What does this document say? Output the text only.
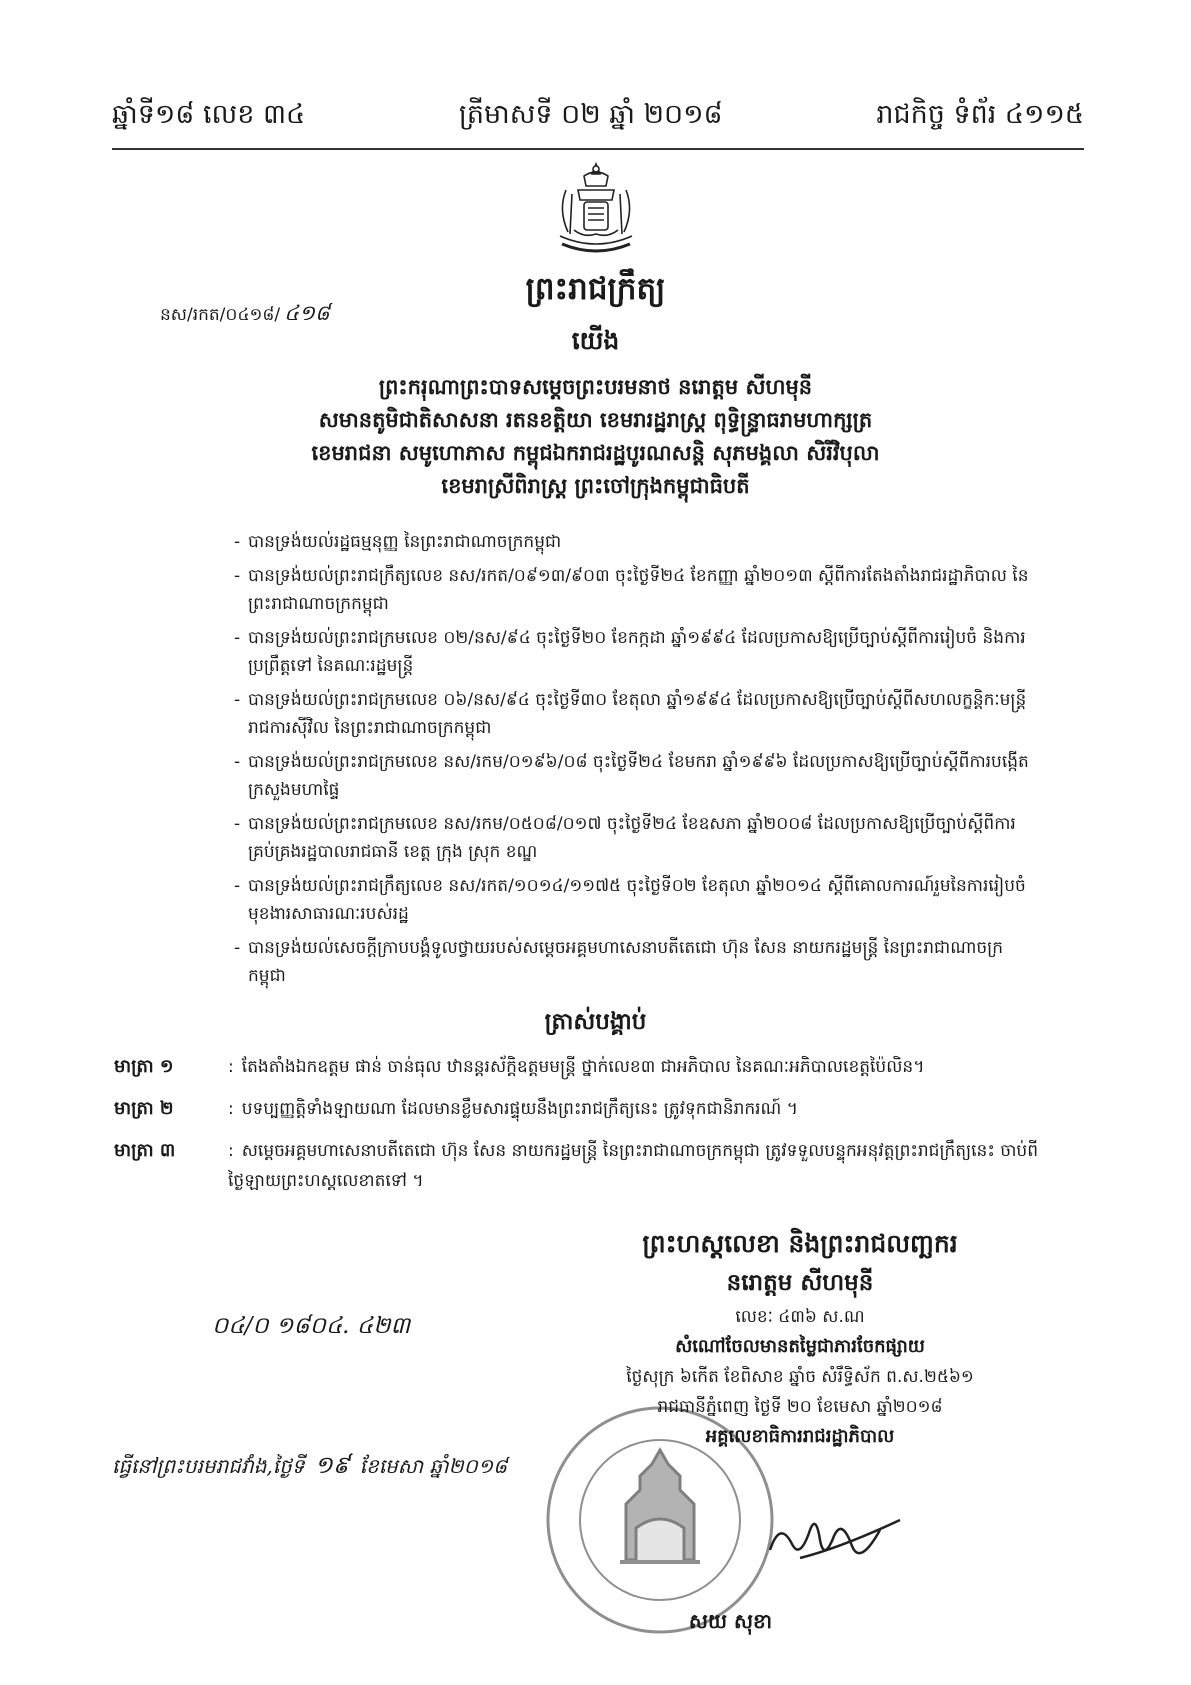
ឆ្នាំទី១៨ លេខ ៣៤	ត្រីមាសទី ០២ ឆ្នាំ ២០១៨	រាជកិច្ច ទំព័រ ៤១១៥
ព្រះរាជក្រឹត្យ
នស/រកត/០៤១៨/ ៤១៨
យើង
ព្រះករុណាព្រះបាទសម្តេចព្រះបរមនាថ នរោត្តម សីហមុនី
សមានតូមិជាតិសាសនា រតនខត្តិយា ខេមរារដ្ឋរាស្ត្រ ពុទ្ធិន្ទ្រាធរាមហាក្សត្រ
ខេមរាជនា សមូហោភាស កម្ពុជឯករាជរដ្ឋបូរណសន្តិ សុភមង្គលា សិរីវិបុលា
ខេមរាស្រីពិរាស្ត្រ ព្រះចៅក្រុងកម្ពុជាធិបតី
- បានទ្រង់យល់រដ្ឋធម្មនុញ្ញ នៃព្រះរាជាណាចក្រកម្ពុជា
- បានទ្រង់យល់ព្រះរាជក្រឹត្យលេខ នស/រកត/០៩១៣/៩០៣ ចុះថ្ងៃទី២៤ ខែកញ្ញា ឆ្នាំ២០១៣ ស្តីពីការតែងតាំងរាជរដ្ឋាភិបាល នៃព្រះរាជាណាចក្រកម្ពុជា
- បានទ្រង់យល់ព្រះរាជក្រមលេខ ០២/នស/៩៤ ចុះថ្ងៃទី២០ ខែកក្កដា ឆ្នាំ១៩៩៤ ដែលប្រកាសឱ្យប្រើច្បាប់ស្តីពីការរៀបចំ និងការប្រព្រឹត្តទៅ នៃគណៈរដ្ឋមន្ត្រី
- បានទ្រង់យល់ព្រះរាជក្រមលេខ ០៦/នស/៩៤ ចុះថ្ងៃទី៣០ ខែតុលា ឆ្នាំ១៩៩៤ ដែលប្រកាសឱ្យប្រើច្បាប់ស្តីពីសហលក្ខន្តិកៈមន្ត្រីរាជការស៊ីវិល នៃព្រះរាជាណាចក្រកម្ពុជា
- បានទ្រង់យល់ព្រះរាជក្រមលេខ នស/រកម/០១៩៦/០៨ ចុះថ្ងៃទី២៤ ខែមករា ឆ្នាំ១៩៩៦ ដែលប្រកាសឱ្យប្រើច្បាប់ស្តីពីការបង្កើតក្រសួងមហាផ្ទៃ
- បានទ្រង់យល់ព្រះរាជក្រមលេខ នស/រកម/០៥០៨/០១៧ ចុះថ្ងៃទី២៤ ខែឧសភា ឆ្នាំ២០០៨ ដែលប្រកាសឱ្យប្រើច្បាប់ស្តីពីការគ្រប់គ្រងរដ្ឋបាលរាជធានី ខេត្ត ក្រុង ស្រុក ខណ្ឌ
- បានទ្រង់យល់ព្រះរាជក្រឹត្យលេខ នស/រកត/១០១៤/១១៧៥ ចុះថ្ងៃទី០២ ខែតុលា ឆ្នាំ២០១៤ ស្តីពីគោលការណ៍រួមនៃការរៀបចំមុខងារសាធារណៈរបស់រដ្ឋ
- បានទ្រង់យល់សេចក្តីក្រាបបង្គំទូលថ្វាយរបស់សម្តេចអគ្គមហាសេនាបតីតេជោ ហ៊ុន សែន នាយករដ្ឋមន្ត្រី នៃព្រះរាជាណាចក្រកម្ពុជា
ត្រាស់បង្គាប់
មាត្រា ១	: តែងតាំងឯកឧត្តម ផាន់ ចាន់ធុល ឋានន្តរស័ក្តិឧត្តមមន្ត្រី ថ្នាក់លេខ៣ ជាអភិបាល នៃគណៈអភិបាលខេត្តប៉ៃលិន។
មាត្រា ២	: បទប្បញ្ញត្តិទាំងឡាយណា ដែលមានខ្លឹមសារផ្ទុយនឹងព្រះរាជក្រឹត្យនេះ ត្រូវទុកជានិរាករណ៍ ។
មាត្រា ៣	: សម្តេចអគ្គមហាសេនាបតីតេជោ ហ៊ុន សែន នាយករដ្ឋមន្ត្រី នៃព្រះរាជាណាចក្រកម្ពុជា ត្រូវទទួលបន្ទុកអនុវត្តព្រះរាជក្រឹត្យនេះ ចាប់ពីថ្ងៃឡាយព្រះហស្តលេខាតទៅ ។
០៤/០ ១៨០៤. ៤២៣
ព្រះហស្តលេខា និងព្រះរាជលញ្ឆករ
នរោត្តម សីហមុនី
លេខៈ ៤៣៦ ស.ណ
សំណៅចែលមានតម្លៃជាភារចែកផ្សាយ
ថ្ងៃសុក្រ ៦កើត ខែពិសាខ ឆ្នាំច សំរឹទ្ធិស័ក ព.ស.២៥៦១
រាជធានីភ្នំពេញ ថ្ងៃទី ២០ ខែមេសា ឆ្នាំ២០១៨
អគ្គលេខាធិការរាជរដ្ឋាភិបាល
សយ សុខា
ធ្វើនៅព្រះបរមរាជវាំង,ថ្ងៃទី ១៩ ខែមេសា ឆ្នាំ២០១៨
